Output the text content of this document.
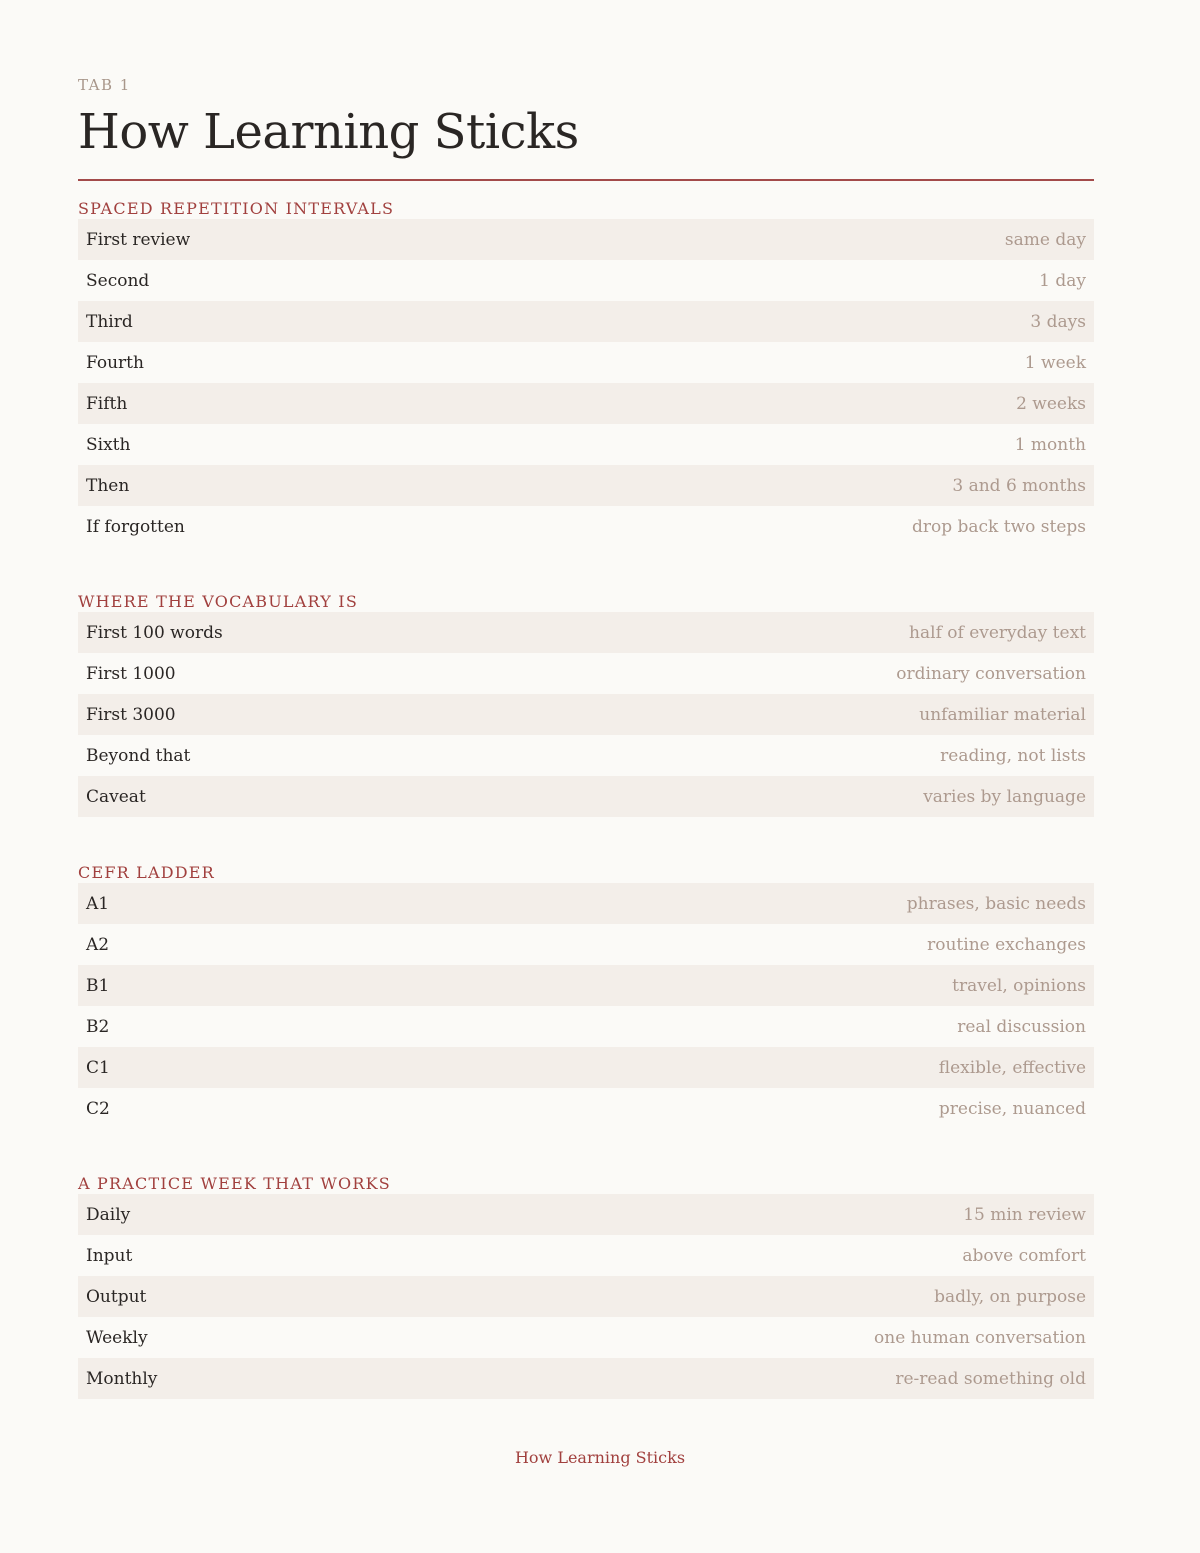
TAB 1
How Learning Sticks
SPACED REPETITION INTERVALS
First review	same day
Second	1 day
Third	3 days
Fourth	1 week
Fifth	2 weeks
Sixth	1 month
Then	3 and 6 months
If forgotten	drop back two steps
WHERE THE VOCABULARY IS
First 100 words	half of everyday text
First 1000	ordinary conversation
First 3000	unfamiliar material
Beyond that	reading, not lists
Caveat	varies by language
CEFR LADDER
A1	phrases, basic needs
A2	routine exchanges
B1	travel, opinions
B2	real discussion
C1	flexible, effective
C2	precise, nuanced
A PRACTICE WEEK THAT WORKS
Daily	15 min review
Input	above comfort
Output	badly, on purpose
Weekly	one human conversation
Monthly	re-read something old
How Learning Sticks
